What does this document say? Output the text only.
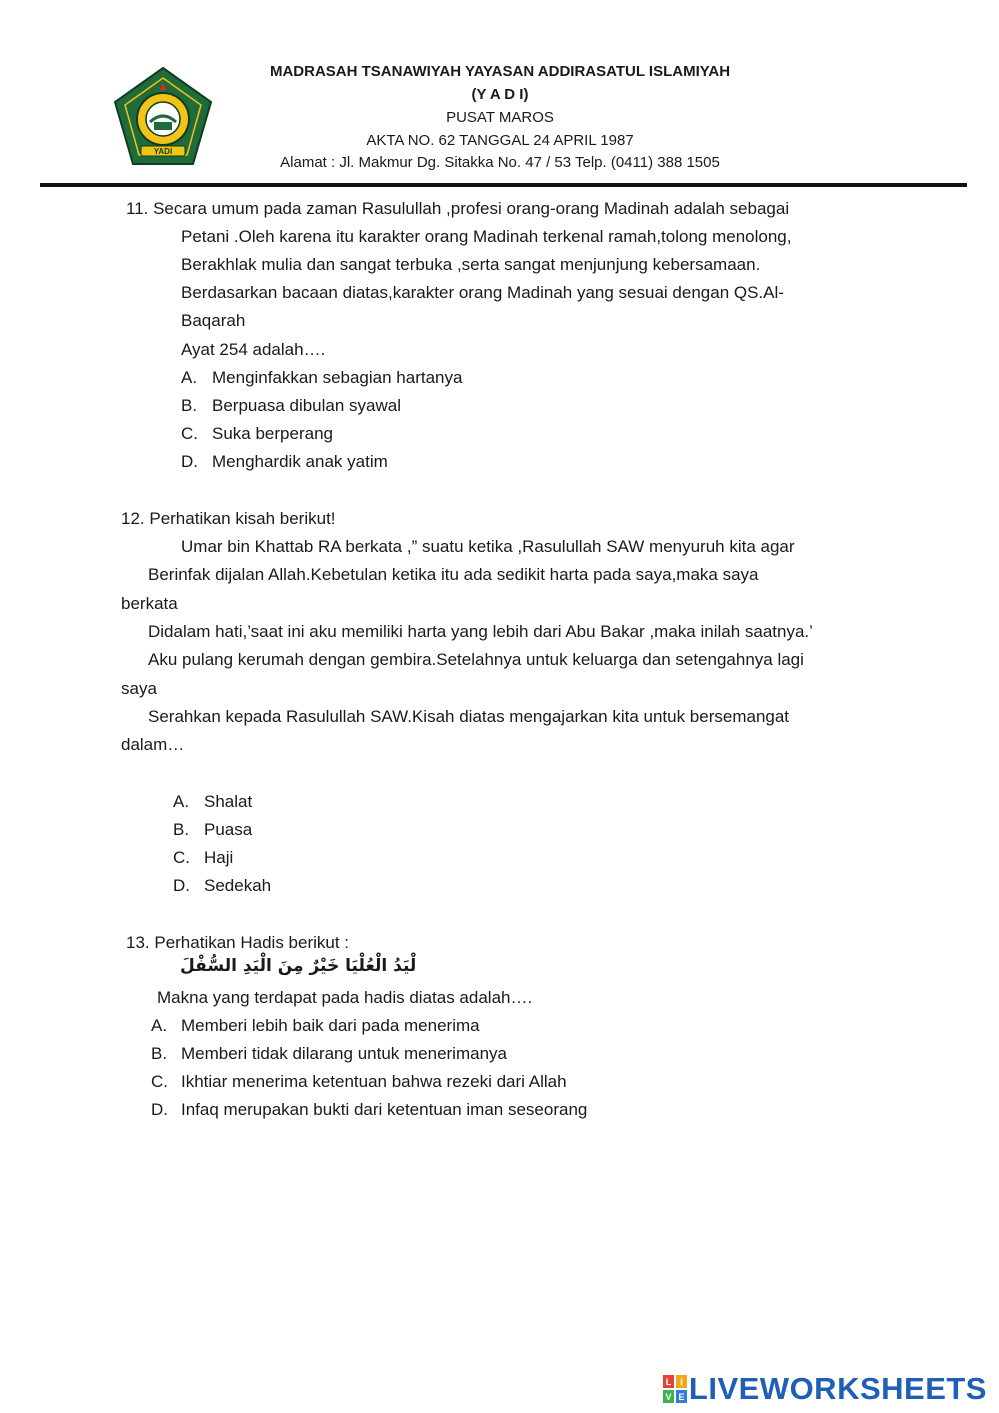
YADI
MADRASAH TSANAWIYAH YAYASAN ADDIRASATUL ISLAMIYAH
(Y A D I)
PUSAT MAROS
AKTA NO. 62 TANGGAL 24 APRIL 1987
Alamat : Jl. Makmur Dg. Sitakka No. 47 / 53 Telp. (0411) 388 1505
11. Secara umum pada zaman Rasulullah ,profesi orang-orang Madinah adalah sebagai
Petani .Oleh karena itu karakter orang Madinah terkenal ramah,tolong menolong,
Berakhlak mulia dan sangat terbuka ,serta sangat menjunjung kebersamaan.
Berdasarkan bacaan diatas,karakter orang Madinah yang sesuai dengan QS.Al-
Baqarah
Ayat 254 adalah….
A. Menginfakkan sebagian hartanya
B. Berpuasa dibulan syawal
C. Suka berperang
D. Menghardik anak yatim
12. Perhatikan kisah berikut!
Umar bin Khattab RA berkata ,” suatu ketika ,Rasulullah SAW menyuruh kita agar
Berinfak dijalan Allah.Kebetulan ketika itu ada sedikit harta pada saya,maka saya
berkata
Didalam hati,’saat ini aku memiliki harta yang lebih dari Abu Bakar ,maka inilah saatnya.’
Aku pulang kerumah dengan gembira.Setelahnya untuk keluarga dan setengahnya lagi
saya
Serahkan kepada Rasulullah SAW.Kisah diatas mengajarkan kita untuk bersemangat
dalam…
A. Shalat
B. Puasa
C. Haji
D. Sedekah
13. Perhatikan Hadis berikut :
لْيَدُ الْعُلْيَا خَيْرٌ مِنَ الْيَدِ السُّفْلَ
Makna yang terdapat pada hadis diatas adalah….
A. Memberi lebih baik dari pada menerima
B. Memberi tidak dilarang untuk menerimanya
C. Ikhtiar menerima ketentuan bahwa rezeki dari Allah
D. Infaq merupakan bukti dari ketentuan iman seseorang
L I
V E LIVEWORKSHEETS
